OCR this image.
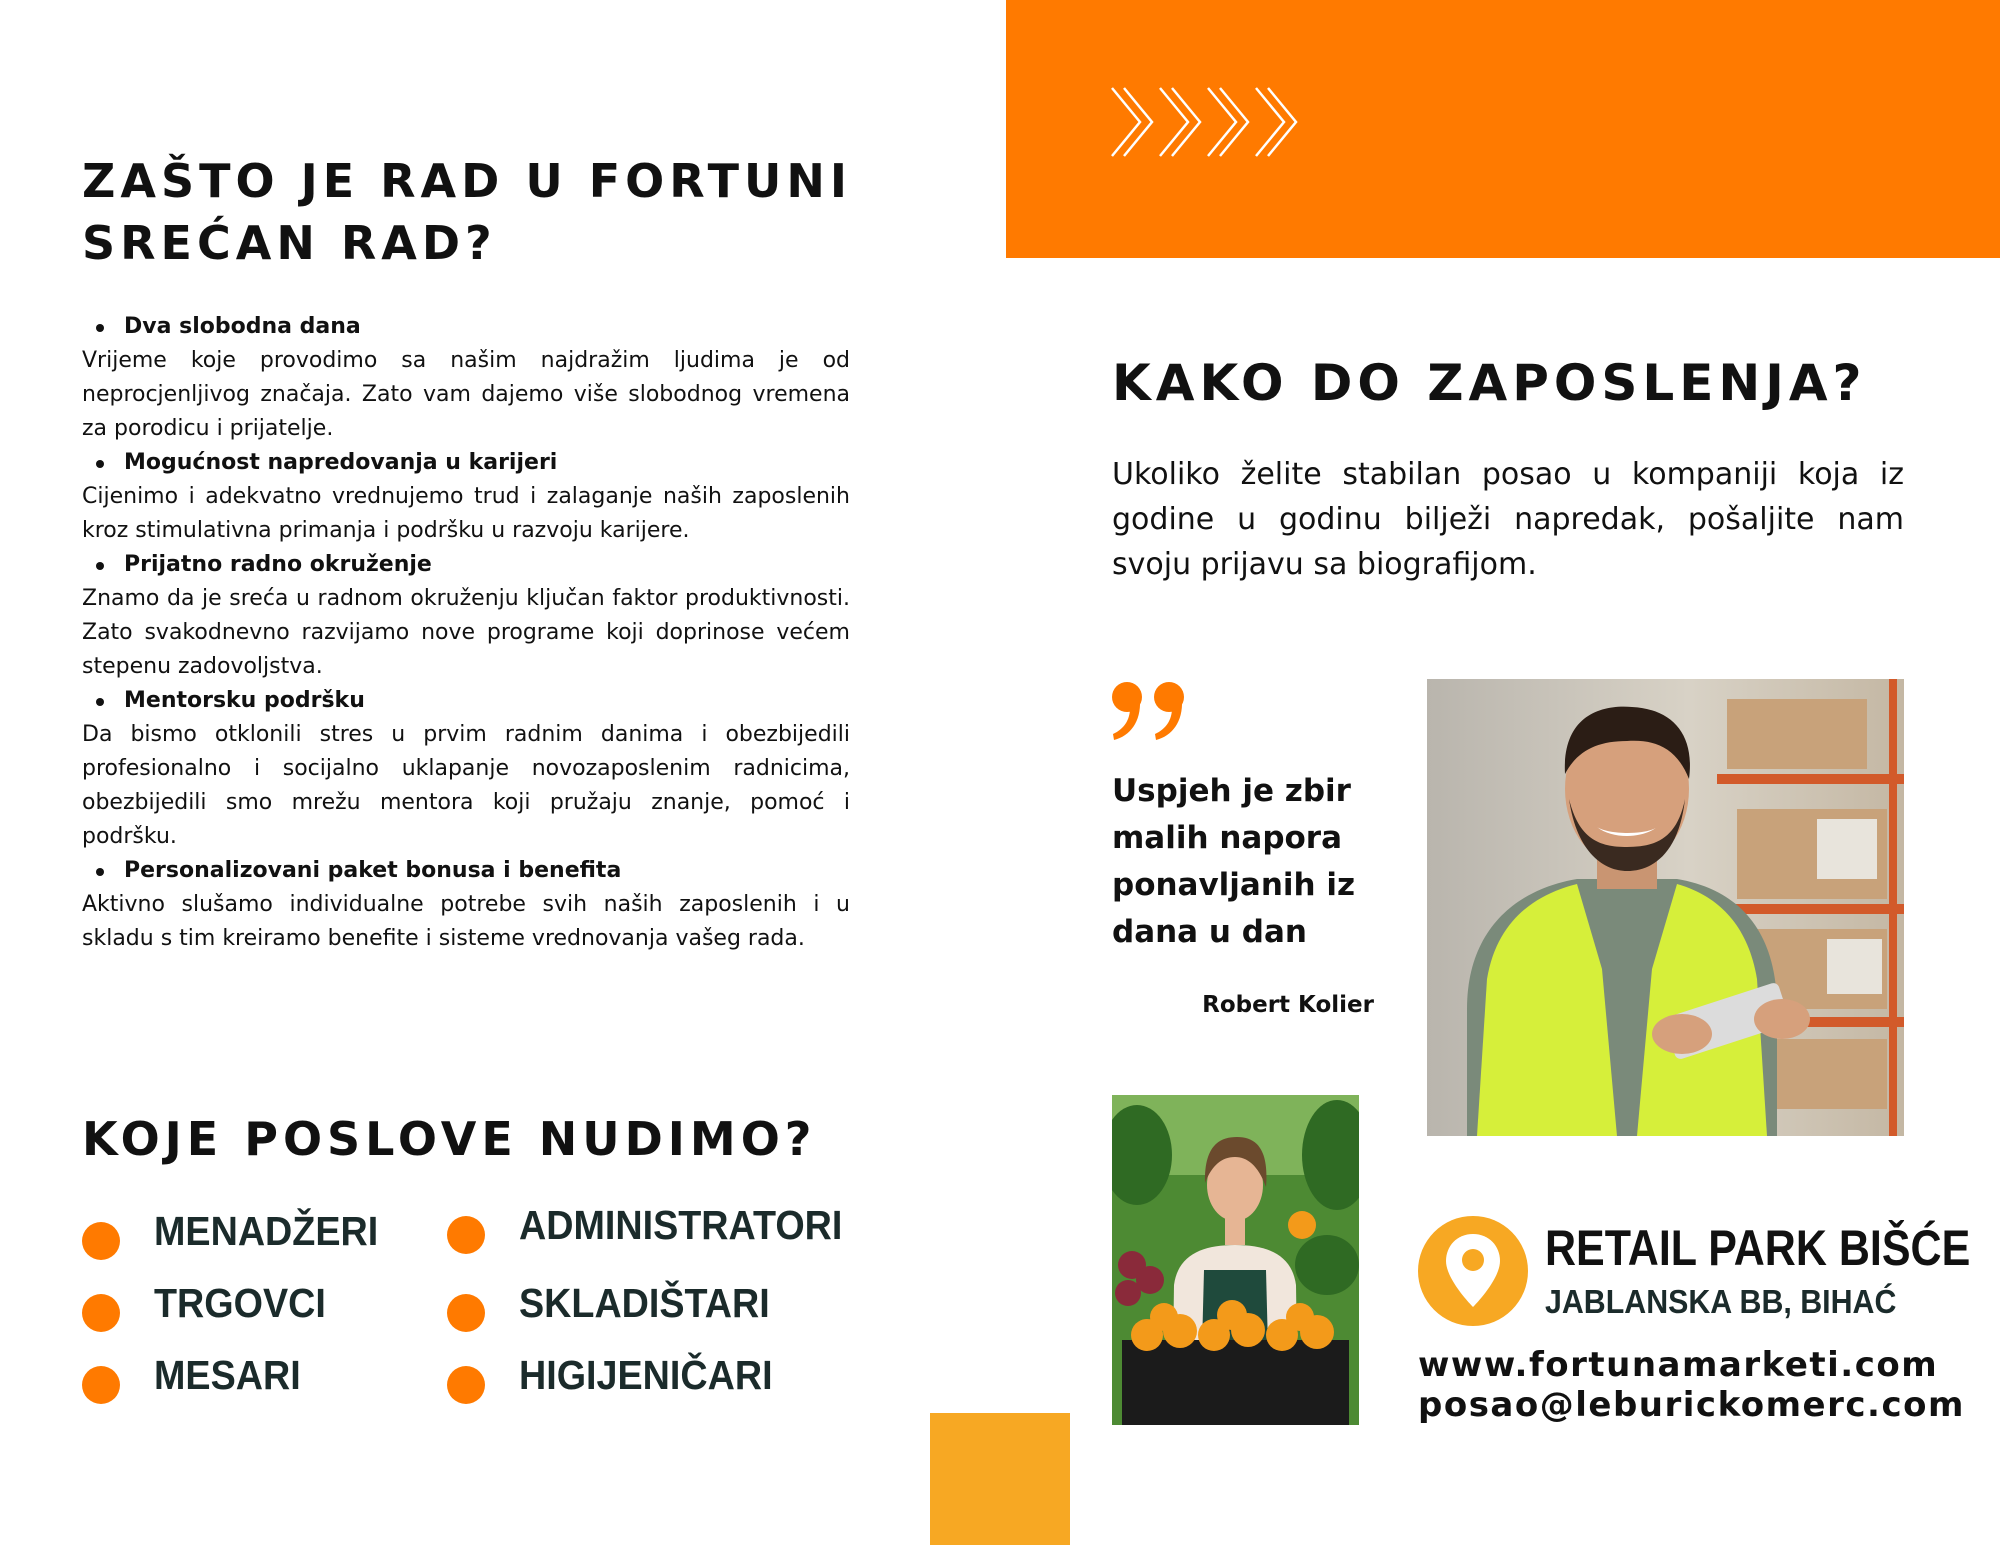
ZAŠTO JE RAD U FORTUNI
SREĆAN RAD?
Dva slobodna dana
Vrijeme koje provodimo sa našim najdražim ljudima je od neprocjenljivog značaja. Zato vam dajemo više slobodnog vremena za porodicu i prijatelje.
Mogućnost napredovanja u karijeri
Cijenimo i adekvatno vrednujemo trud i zalaganje naših zaposlenih kroz stimulativna primanja i podršku u razvoju karijere.
Prijatno radno okruženje
Znamo da je sreća u radnom okruženju ključan faktor produktivnosti. Zato svakodnevno razvijamo nove programe koji doprinose većem stepenu zadovoljstva.
Mentorsku podršku
Da bismo otklonili stres u prvim radnim danima i obezbijedili profesionalno i socijalno uklapanje novozaposlenim radnicima, obezbijedili smo mrežu mentora koji pružaju znanje, pomoć i podršku.
Personalizovani paket bonusa i benefita
Aktivno slušamo individualne potrebe svih naših zaposlenih i u skladu s tim kreiramo benefite i sisteme vrednovanja vašeg rada.
KOJE POSLOVE NUDIMO?
MENADŽERI
TRGOVCI
MESARI
ADMINISTRATORI
SKLADIŠTARI
HIGIJENIČARI
KAKO DO ZAPOSLENJA?
Ukoliko želite stabilan posao u kompaniji koja iz godine u godinu bilježi napredak, pošaljite nam svoju prijavu sa biografijom.
Uspjeh je zbir malih napora ponavljanih iz dana u dan
Robert Kolier
RETAIL PARK BIŠĆE
JABLANSKA BB, BIHAĆ
www.fortunamarketi.com
posao@leburickomerc.com
